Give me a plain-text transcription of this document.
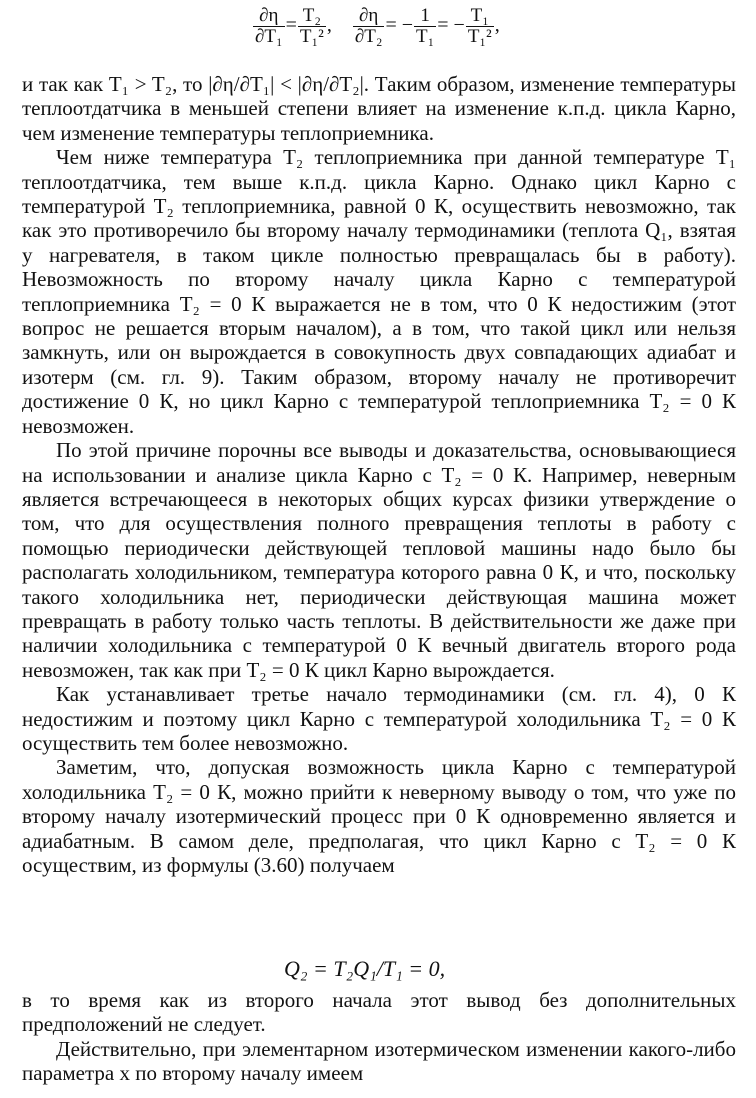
$\frac{\partial\eta}{\text{∂T₁}} = \frac{\text{T₂}}{\text{T₁²}}$ , $\frac{\partial\eta}{\text{∂T₂}}$ = − $\frac{1}{\text{T₁}}$ = − $\frac{\text{T₁}}{\text{T₁²}}$ ,

и так как T₁ > T₂, то |∂η/∂T₁| < |∂η/∂T₂|. Таким образом, изменение температуры теплоотдатчика в меньшей степени влияет на изменение к.п.д. цикла Карно, чем изменение температуры теплоприемника.

Чем ниже температура T₂ теплоприемника при данной температуре T₁ теплоотдатчика, тем выше к.п.д. цикла Карно. Однако цикл Карно с температурой T₂ теплоприемника, равной 0 К, осуществить невозможно, так как это противоречило бы второму началу термодинамики (теплота Q₁, взятая у нагревателя, в таком цикле полностью превращалась бы в работу). Невозможность по второму началу цикла Карно с температурой теплоприемника T₂ = 0 К выражается не в том, что 0 К недостижим (этот вопрос не решается вторым началом), а в том, что такой цикл или нельзя замкнуть, или он вырождается в совокупность двух совпадающих адиабат и изотерм (см. гл. 9). Таким образом, второму началу не противоречит достижение 0 К, но цикл Карно с температурой теплоприемника T₂ = 0 К невозможен.

По этой причине порочны все выводы и доказательства, основывающиеся на использовании и анализе цикла Карно с T₂ = 0 К. Например, неверным является встречающееся в некоторых общих курсах физики утверждение о том, что для осуществления полного превращения теплоты в работу с помощью периодически действующей тепловой машины надо было бы располагать холодильником, температура которого равна 0 К, и что, поскольку такого холодильника нет, периодически действующая машина может превращать в работу только часть теплоты. В действительности же даже при наличии холодильника с температурой 0 К вечный двигатель второго рода невозможен, так как при T₂ = 0 К цикл Карно вырождается.

Как устанавливает третье начало термодинамики (см. гл. 4), 0 К недостижим и поэтому цикл Карно с температурой холодильника T₂ = 0 К осуществить тем более невозможно.

Заметим, что, допуская возможность цикла Карно с температурой холодильника T₂ = 0 К, можно прийти к неверному выводу о том, что уже по второму началу изотермический процесс при 0 К одновременно является и адиабатным. В самом деле, предполагая, что цикл Карно с T₂ = 0 К осуществим, из формулы (3.60) получаем

Q₂ = T₂Q₁/T₁ = 0,

в то время как из второго начала этот вывод без дополнительных предположений не следует.

Действительно, при элементарном изотермическом изменении какого-либо параметра x по второму началу имеем
